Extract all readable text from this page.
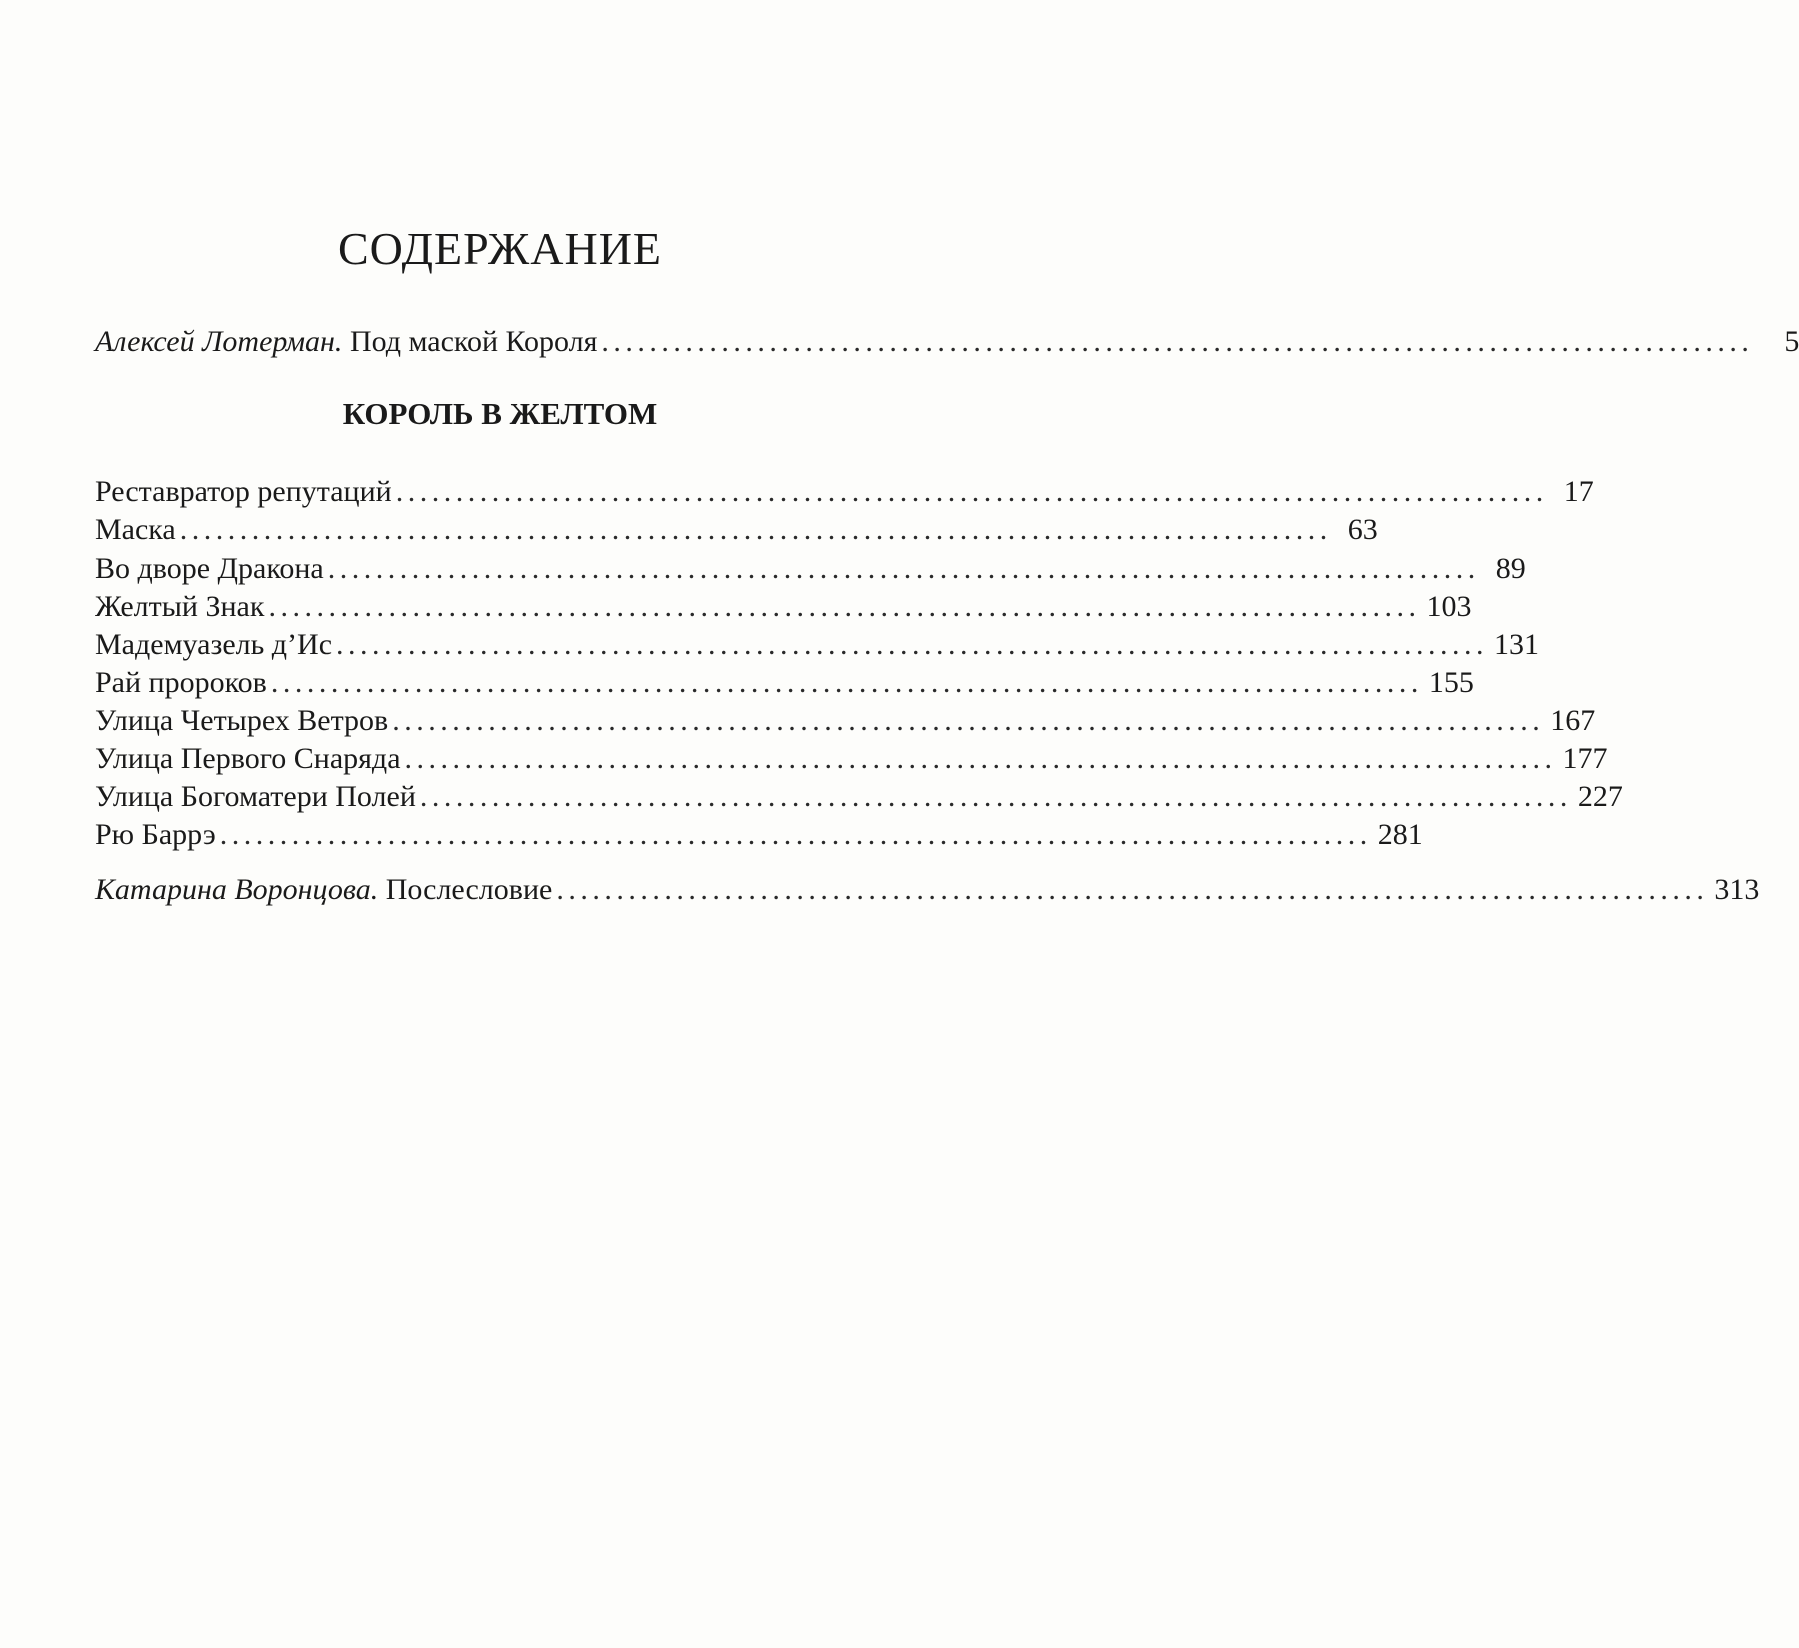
СОДЕРЖАНИЕ
Алексей Лотерман. Под маской Короля ................................................................................................	5
КОРОЛЬ В ЖЕЛТОМ
Реставратор репутаций ................................................................................................ 17
Маска ................................................................................................ 63
Во дворе Дракона ................................................................................................ 89
Желтый Знак ................................................................................................ 103
Мадемуазель д’Ис ................................................................................................ 131
Рай пророков ................................................................................................ 155
Улица Четырех Ветров ................................................................................................ 167
Улица Первого Снаряда ................................................................................................ 177
Улица Богоматери Полей ................................................................................................ 227
Рю Баррэ ................................................................................................ 281
Катарина Воронцова. Послесловие ................................................................................................ 313
